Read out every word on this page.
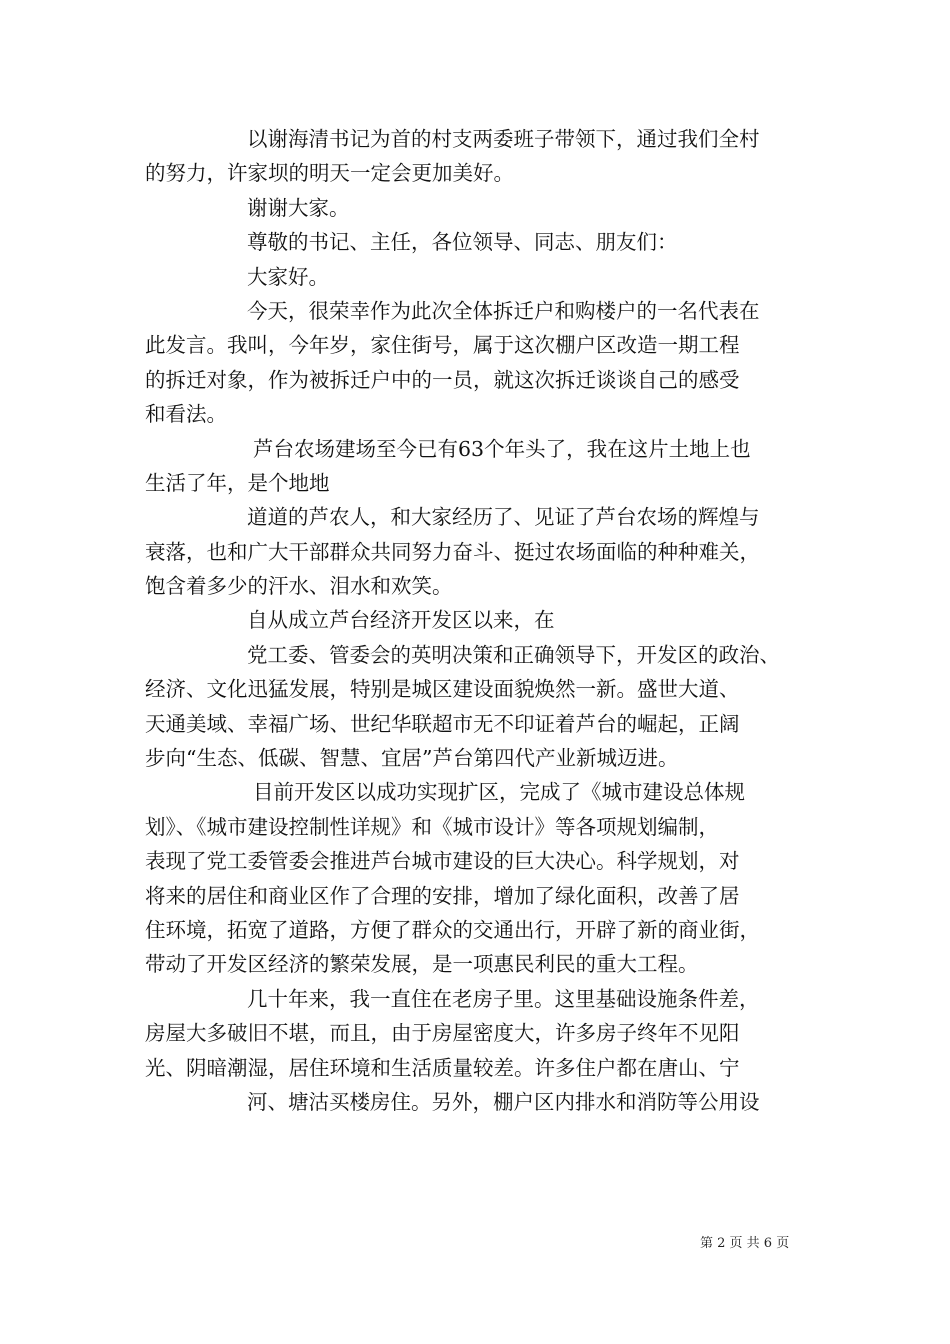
以谢海清书记为首的村支两委班子带领下，通过我们全村
的努力，许家坝的明天一定会更加美好。
谢谢大家。
尊敬的书记、主任，各位领导、同志、朋友们：
大家好。
今天，很荣幸作为此次全体拆迁户和购楼户的一名代表在
此发言。我叫，今年岁，家住街号，属于这次棚户区改造一期工程
的拆迁对象，作为被拆迁户中的一员，就这次拆迁谈谈自己的感受
和看法。
芦台农场建场至今已有63个年头了，我在这片土地上也
生活了年，是个地地
道道的芦农人，和大家经历了、见证了芦台农场的辉煌与
衰落，也和广大干部群众共同努力奋斗、挺过农场面临的种种难关，
饱含着多少的汗水、泪水和欢笑。
自从成立芦台经济开发区以来，在
党工委、管委会的英明决策和正确领导下，开发区的政治、
经济、文化迅猛发展，特别是城区建设面貌焕然一新。盛世大道、
天通美域、幸福广场、世纪华联超市无不印证着芦台的崛起，正阔
步向“生态、低碳、智慧、宜居”芦台第四代产业新城迈进。
目前开发区以成功实现扩区，完成了《城市建设总体规
划》、《城市建设控制性详规》和《城市设计》等各项规划编制，
表现了党工委管委会推进芦台城市建设的巨大决心。科学规划，对
将来的居住和商业区作了合理的安排，增加了绿化面积，改善了居
住环境，拓宽了道路，方便了群众的交通出行，开辟了新的商业街，
带动了开发区经济的繁荣发展，是一项惠民利民的重大工程。
几十年来，我一直住在老房子里。这里基础设施条件差，
房屋大多破旧不堪，而且，由于房屋密度大，许多房子终年不见阳
光、阴暗潮湿，居住环境和生活质量较差。许多住户都在唐山、宁
河、塘沽买楼房住。另外，棚户区内排水和消防等公用设
第 2 页 共 6 页
